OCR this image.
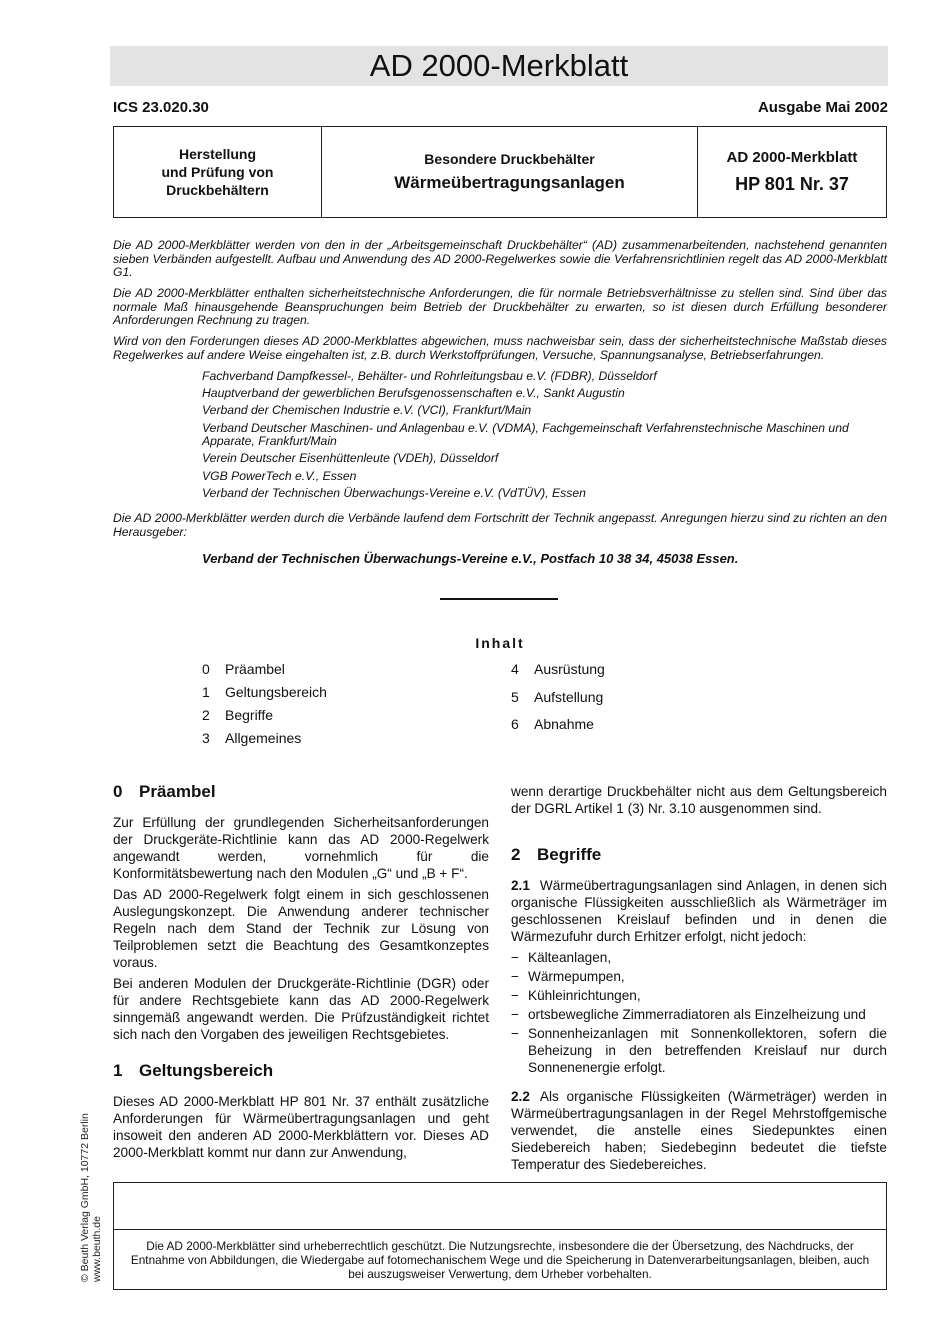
AD 2000-Merkblatt
ICS 23.020.30	Ausgabe Mai 2002
Herstellung
und Prüfung von
Druckbehältern
Besondere Druckbehälter
Wärmeübertragungsanlagen
AD 2000-Merkblatt
HP 801 Nr. 37
Die AD 2000-Merkblätter werden von den in der „Arbeitsgemeinschaft Druckbehälter“ (AD) zusammenarbeitenden, nachstehend genannten sieben Verbänden aufgestellt. Aufbau und Anwendung des AD 2000-Regelwerkes sowie die Verfahrensrichtlinien regelt das AD 2000-Merkblatt G1.
Die AD 2000-Merkblätter enthalten sicherheitstechnische Anforderungen, die für normale Betriebsverhältnisse zu stellen sind. Sind über das normale Maß hinausgehende Beanspruchungen beim Betrieb der Druckbehälter zu erwarten, so ist diesen durch Erfüllung besonderer Anforderungen Rechnung zu tragen.
Wird von den Forderungen dieses AD 2000-Merkblattes abgewichen, muss nachweisbar sein, dass der sicherheitstechnische Maßstab dieses Regelwerkes auf andere Weise eingehalten ist, z.B. durch Werkstoffprüfungen, Versuche, Spannungsanalyse, Betriebserfahrungen.
Fachverband Dampfkessel-, Behälter- und Rohrleitungsbau e.V. (FDBR), Düsseldorf
Hauptverband der gewerblichen Berufsgenossenschaften e.V., Sankt Augustin
Verband der Chemischen Industrie e.V. (VCI), Frankfurt/Main
Verband Deutscher Maschinen- und Anlagenbau e.V. (VDMA), Fachgemeinschaft Verfahrenstechnische Maschinen und Apparate, Frankfurt/Main
Verein Deutscher Eisenhüttenleute (VDEh), Düsseldorf
VGB PowerTech e.V., Essen
Verband der Technischen Überwachungs-Vereine e.V. (VdTÜV), Essen
Die AD 2000-Merkblätter werden durch die Verbände laufend dem Fortschritt der Technik angepasst. Anregungen hierzu sind zu richten an den Herausgeber:
Verband der Technischen Überwachungs-Vereine e.V., Postfach 10 38 34, 45038 Essen.
Inhalt
0 Präambel
1 Geltungsbereich
2 Begriffe
3 Allgemeines
4 Ausrüstung
5 Aufstellung
6 Abnahme
0 Präambel

Zur Erfüllung der grundlegenden Sicherheitsanforderungen der Druckgeräte-Richtlinie kann das AD 2000-Regelwerk angewandt werden, vornehmlich für die Konformitätsbewertung nach den Modulen „G“ und „B + F“.

Das AD 2000-Regelwerk folgt einem in sich geschlossenen Auslegungskonzept. Die Anwendung anderer technischer Regeln nach dem Stand der Technik zur Lösung von Teilproblemen setzt die Beachtung des Gesamtkonzeptes voraus.

Bei anderen Modulen der Druckgeräte-Richtlinie (DGR) oder für andere Rechtsgebiete kann das AD 2000-Regelwerk sinngemäß angewandt werden. Die Prüfzuständigkeit richtet sich nach den Vorgaben des jeweiligen Rechtsgebietes.

1 Geltungsbereich

Dieses AD 2000-Merkblatt HP 801 Nr. 37 enthält zusätzliche Anforderungen für Wärmeübertragungsanlagen und geht insoweit den anderen AD 2000-Merkblättern vor. Dieses AD 2000-Merkblatt kommt nur dann zur Anwendung,

wenn derartige Druckbehälter nicht aus dem Geltungsbereich der DGRL Artikel 1 (3) Nr. 3.10 ausgenommen sind.

2 Begriffe

2.1 Wärmeübertragungsanlagen sind Anlagen, in denen sich organische Flüssigkeiten ausschließlich als Wärmeträger im geschlossenen Kreislauf befinden und in denen die Wärmezufuhr durch Erhitzer erfolgt, nicht jedoch:

− Kälteanlagen,
− Wärmepumpen,
− Kühleinrichtungen,
− ortsbewegliche Zimmerradiatoren als Einzelheizung und
− Sonnenheizanlagen mit Sonnenkollektoren, sofern die Beheizung in den betreffenden Kreislauf nur durch Sonnenenergie erfolgt.

2.2 Als organische Flüssigkeiten (Wärmeträger) werden in Wärmeübertragungsanlagen in der Regel Mehrstoffgemische verwendet, die anstelle eines Siedepunktes einen Siedebereich haben; Siedebeginn bedeutet die tiefste Temperatur des Siedebereiches.

© Beuth Verlag GmbH, 10772 Berlin www.beuth.de	Die AD 2000-Merkblätter sind urheberrechtlich geschützt. Die Nutzungsrechte, insbesondere die der Übersetzung, des Nachdrucks, der Entnahme von Abbildungen, die Wiedergabe auf fotomechanischem Wege und die Speicherung in Datenverarbeitungsanlagen, bleiben, auch bei auszugsweiser Verwertung, dem Urheber vorbehalten.
